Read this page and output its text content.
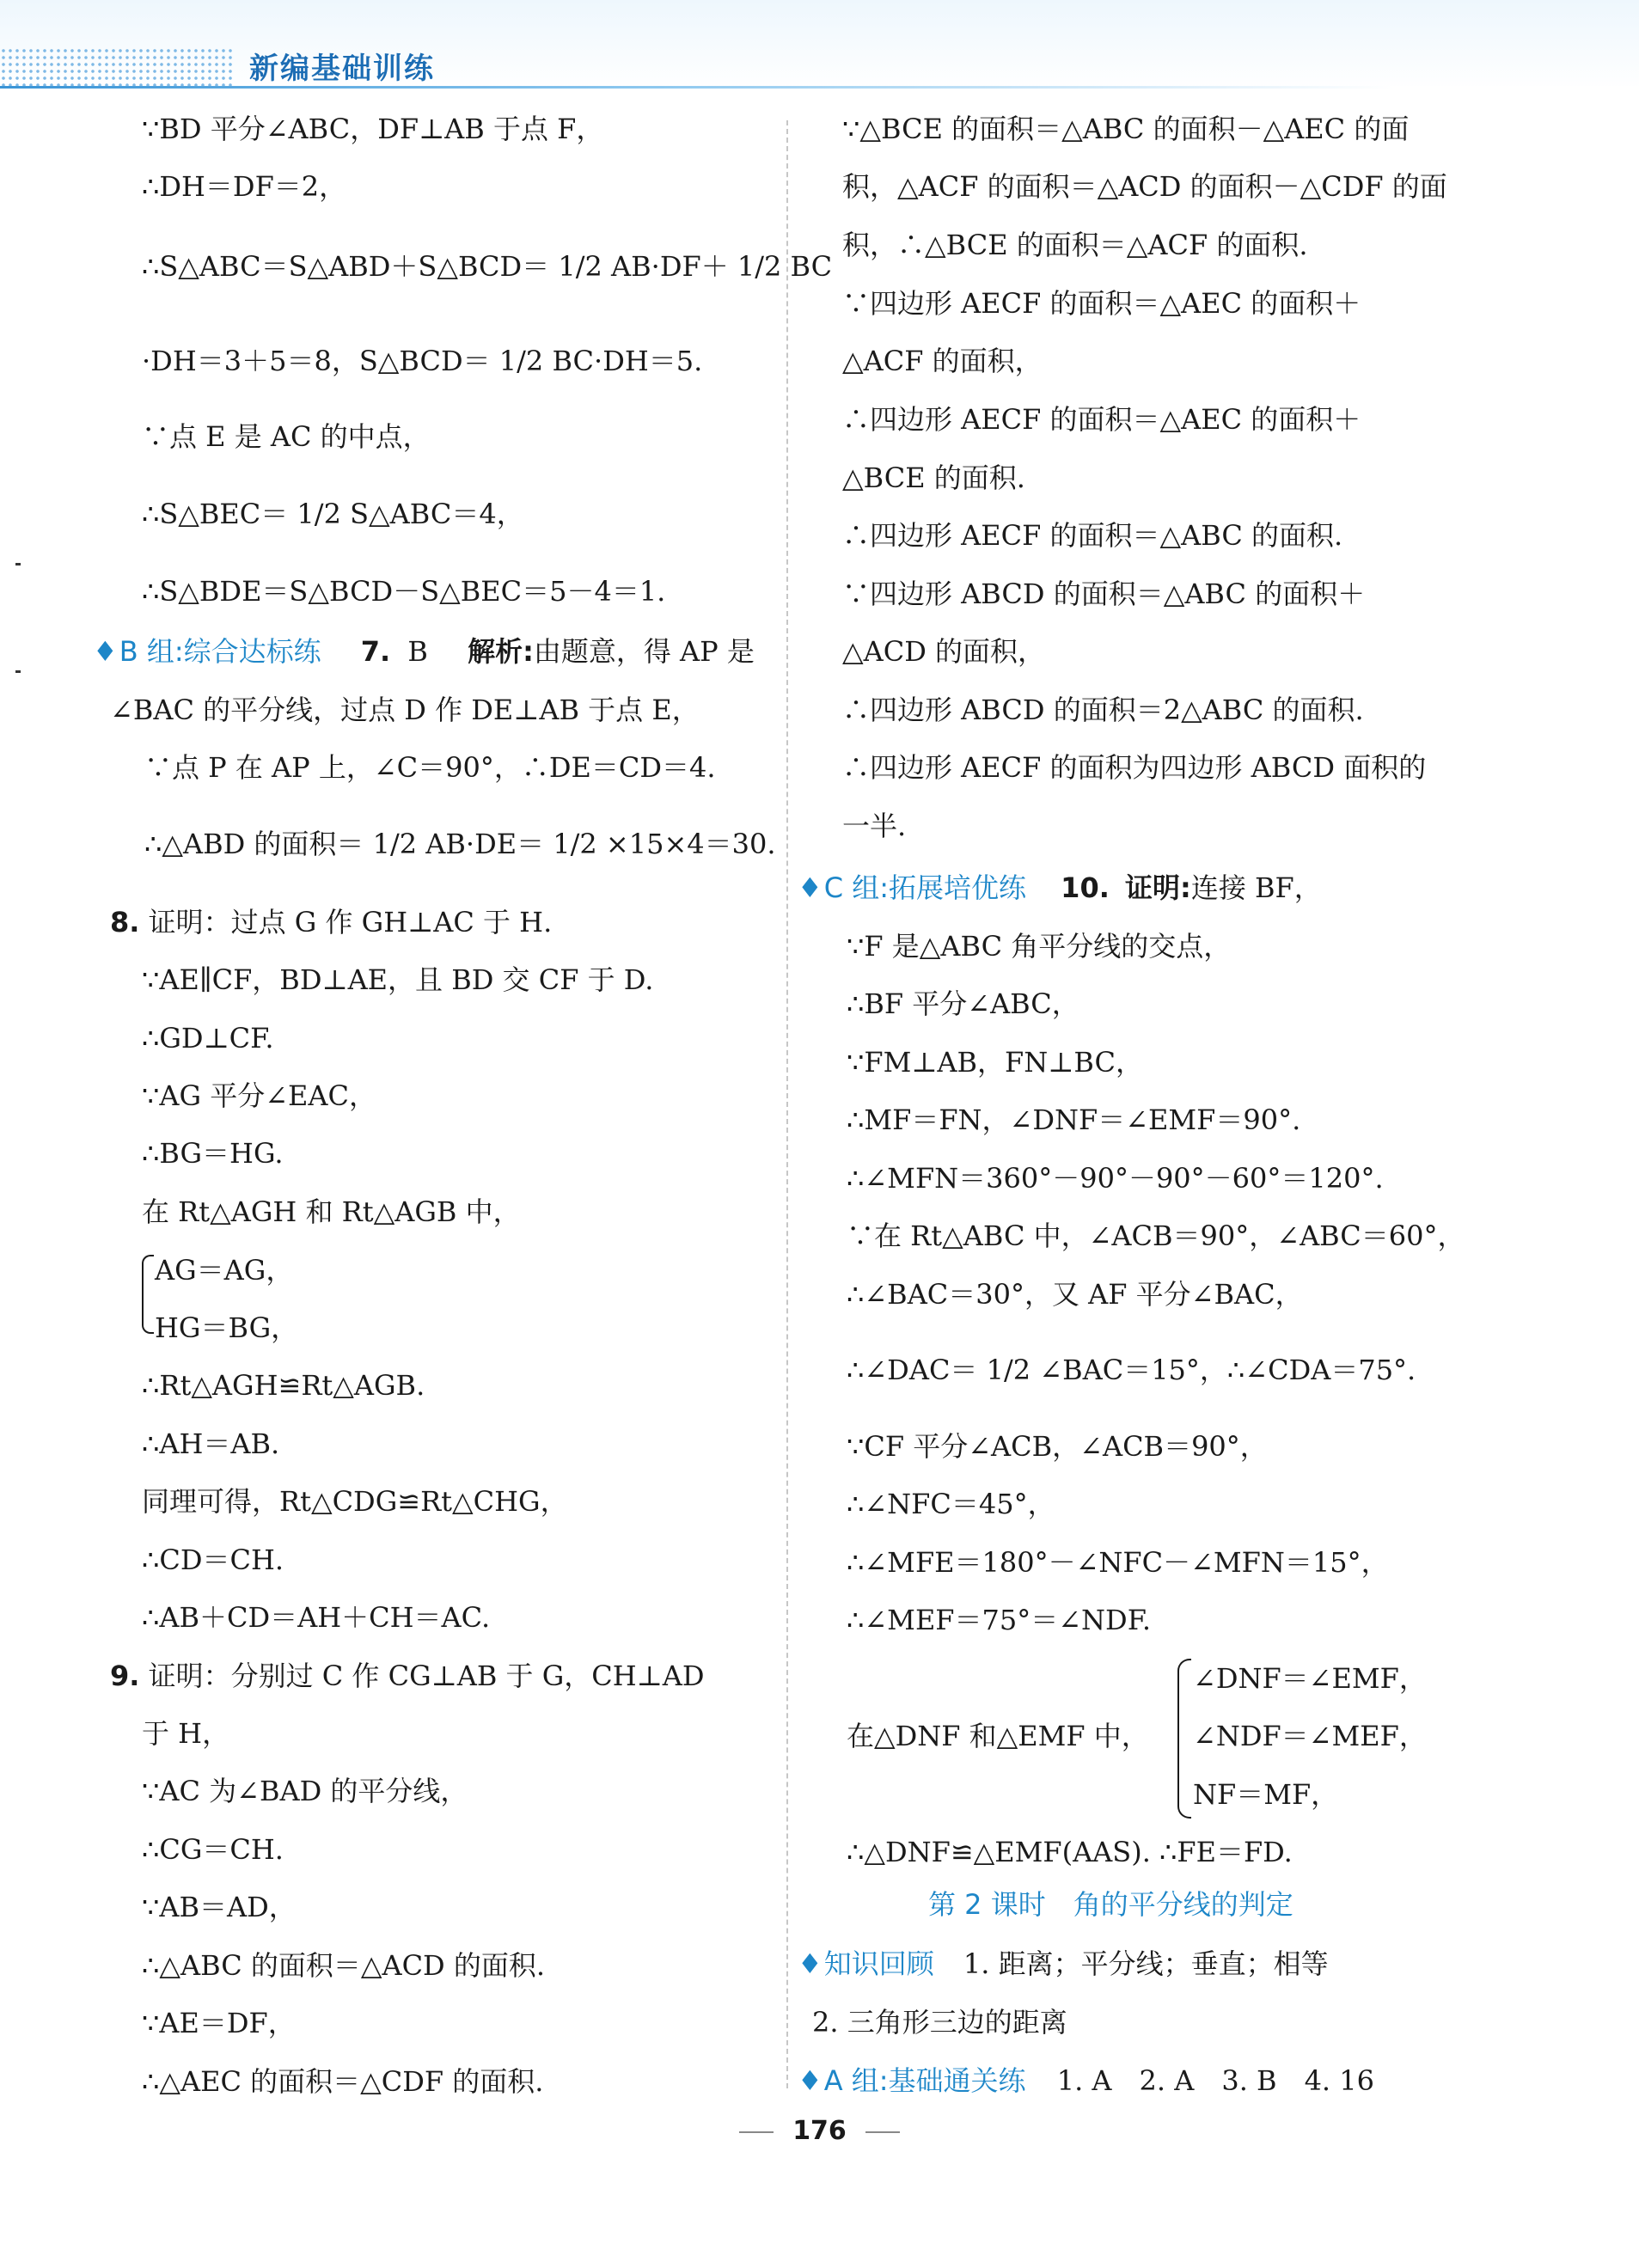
新编基础训练
∵BD 平分∠ABC，DF⊥AB 于点 F，
∴DH＝DF＝2，
∴S△ABC＝S△ABD＋S△BCD＝ 1/2 AB·DF＋ 1/2 BC
·DH＝3＋5＝8，S△BCD＝ 1/2 BC·DH＝5.
∵点 E 是 AC 的中点，
∴S△BEC＝ 1/2 S△ABC＝4，
∴S△BDE＝S△BCD－S△BEC＝5－4＝1.
♦B 组:综合达标练 7. B 解析:由题意，得 AP 是
∠BAC 的平分线，过点 D 作 DE⊥AB 于点 E，
∵点 P 在 AP 上，∠C＝90°，∴DE＝CD＝4.
∴△ABD 的面积＝ 1/2 AB·DE＝ 1/2 ×15×4＝30.
8. 证明：过点 G 作 GH⊥AC 于 H.
∵AE∥CF，BD⊥AE，且 BD 交 CF 于 D.
∴GD⊥CF.
∵AG 平分∠EAC，
∴BG＝HG.
在 Rt△AGH 和 Rt△AGB 中，
AG＝AG，
HG＝BG，
∴Rt△AGH≌Rt△AGB.
∴AH＝AB.
同理可得，Rt△CDG≌Rt△CHG，
∴CD＝CH.
∴AB＋CD＝AH＋CH＝AC.
9. 证明：分别过 C 作 CG⊥AB 于 G，CH⊥AD
于 H，
∵AC 为∠BAD 的平分线，
∴CG＝CH.
∵AB＝AD，
∴△ABC 的面积＝△ACD 的面积.
∵AE＝DF，
∴△AEC 的面积＝△CDF 的面积.
∵△BCE 的面积＝△ABC 的面积－△AEC 的面
积，△ACF 的面积＝△ACD 的面积－△CDF 的面
积，∴△BCE 的面积＝△ACF 的面积.
∵四边形 AECF 的面积＝△AEC 的面积＋
△ACF 的面积，
∴四边形 AECF 的面积＝△AEC 的面积＋
△BCE 的面积.
∴四边形 AECF 的面积＝△ABC 的面积.
∵四边形 ABCD 的面积＝△ABC 的面积＋
△ACD 的面积，
∴四边形 ABCD 的面积＝2△ABC 的面积.
∴四边形 AECF 的面积为四边形 ABCD 面积的
一半.
♦C 组:拓展培优练 10. 证明:连接 BF，
∵F 是△ABC 角平分线的交点，
∴BF 平分∠ABC，
∵FM⊥AB，FN⊥BC，
∴MF＝FN，∠DNF＝∠EMF＝90°.
∴∠MFN＝360°－90°－90°－60°＝120°.
∵在 Rt△ABC 中，∠ACB＝90°，∠ABC＝60°，
∴∠BAC＝30°，又 AF 平分∠BAC，
∴∠DAC＝ 1/2 ∠BAC＝15°，∴∠CDA＝75°.
∵CF 平分∠ACB，∠ACB＝90°，
∴∠NFC＝45°，
∴∠MFE＝180°－∠NFC－∠MFN＝15°，
∴∠MEF＝75°＝∠NDF.
在△DNF 和△EMF 中，
∠DNF＝∠EMF，
∠NDF＝∠MEF，
NF＝MF，
∴△DNF≌△EMF(AAS). ∴FE＝FD.
第 2 课时　角的平分线的判定
♦知识回顾 1. 距离；平分线；垂直；相等
2. 三角形三边的距离
♦A 组:基础通关练 1. A　2. A　3. B　4. 16
176
